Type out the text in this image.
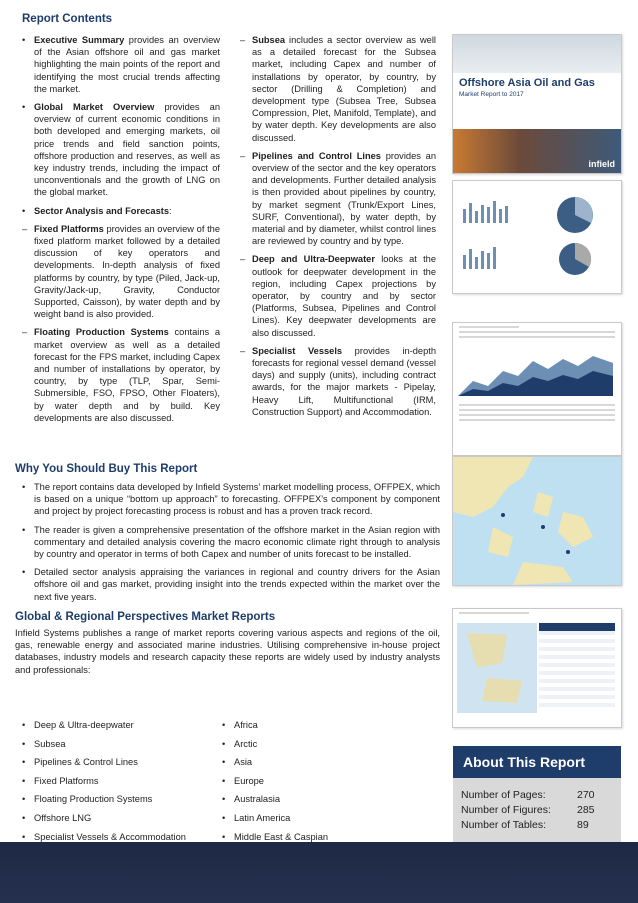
Report Contents
• Executive Summary provides an overview of the Asian offshore oil and gas market highlighting the main points of the report and identifying the most crucial trends affecting the market.
• Global Market Overview provides an overview of current economic conditions in both developed and emerging markets, oil price trends and field sanction points, offshore production and reserves, as well as key industry trends, including the impact of unconventionals and the growth of LNG on the global market.
• Sector Analysis and Forecasts:
– Fixed Platforms provides an overview of the fixed platform market followed by a detailed discussion of key operators and developments. In-depth analysis of fixed platforms by country, by type (Piled, Jack-up, Gravity/Jack-up, Gravity, Conductor Supported, Caisson), by water depth and by weight band is also provided.
– Floating Production Systems contains a market overview as well as a detailed forecast for the FPS market, including Capex and number of installations by operator, by country, by type (TLP, Spar, Semi-Submersible, FSO, FPSO, Other Floaters), by water depth and by build. Key developments are also discussed.
– Subsea includes a sector overview as well as a detailed forecast for the Subsea market, including Capex and number of installations by operator, by country, by sector (Drilling & Completion) and development type (Subsea Tree, Subsea Compression, Plet, Manifold, Template), and by water depth. Key developments are also discussed.
– Pipelines and Control Lines provides an overview of the sector and the key operators and developments. Further detailed analysis is then provided about pipelines by country, by market segment (Trunk/Export Lines, SURF, Conventional), by water depth, by material and by diameter, whilst control lines are reviewed by country and by type.
– Deep and Ultra-Deepwater looks at the outlook for deepwater development in the region, including Capex projections by operator, by country and by sector (Platforms, Subsea, Pipelines and Control Lines). Key deepwater developments are also discussed.
– Specialist Vessels provides in-depth forecasts for regional vessel demand (vessel days) and supply (units), including contract awards, for the major markets - Pipelay, Heavy Lift, Multifunctional (IRM, Construction Support) and Accommodation.
Offshore Asia Oil and Gas
Market Report to 2017
infield
Why You Should Buy This Report
• The report contains data developed by Infield Systems’ market modelling process, OFFPEX, which is based on a unique “bottom up approach” to forecasting. OFFPEX’s component by component and project by project forecasting process is robust and has a proven track record.
• The reader is given a comprehensive presentation of the offshore market in the Asian region with commentary and detailed analysis covering the macro economic climate right through to analysis by country and operator in terms of both Capex and number of units forecast to be installed.
• Detailed sector analysis appraising the variances in regional and country drivers for the Asian offshore oil and gas market, providing insight into the trends expected within the market over the next five years.
Global & Regional Perspectives Market Reports
Infield Systems publishes a range of market reports covering various aspects and regions of the oil, gas, renewable energy and associated marine industries. Utilising comprehensive in-house project databases, industry models and research capacity these reports are widely used by industry analysts and professionals:
• Deep & Ultra-deepwater
• Subsea
• Pipelines & Control Lines
• Fixed Platforms
• Floating Production Systems
• Offshore LNG
• Specialist Vessels & Accommodation
•
•
• Africa
• Arctic
• Asia
• Europe
• Australasia
• Latin America
• Middle East & Caspian
•
About This Report
Number of Pages:	270
Number of Figures:	285
Number of Tables:	89
